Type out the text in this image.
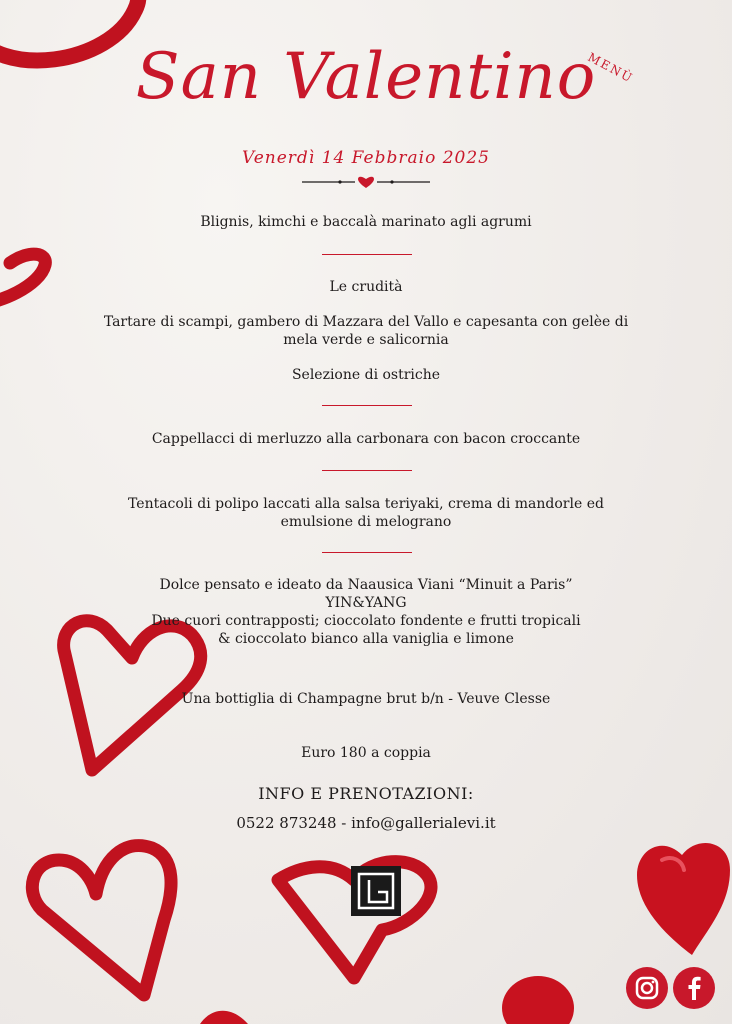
San Valentino
MENÙ
Venerdì 14 Febbraio 2025
Blignis, kimchi e baccalà marinato agli agrumi
Le crudità
Tartare di scampi, gambero di Mazzara del Vallo e capesanta con gelèe di
mela verde e salicornia
Selezione di ostriche
Cappellacci di merluzzo alla carbonara con bacon croccante
Tentacoli di polipo laccati alla salsa teriyaki, crema di mandorle ed
emulsione di melograno
Dolce pensato e ideato da Naausica Viani “Minuit a Paris”
YIN&YANG
Due cuori contrapposti; cioccolato fondente e frutti tropicali
& cioccolato bianco alla vaniglia e limone
Una bottiglia di Champagne brut b/n - Veuve Clesse
Euro 180 a coppia
INFO E PRENOTAZIONI:
0522 873248 - info@gallerialevi.it
